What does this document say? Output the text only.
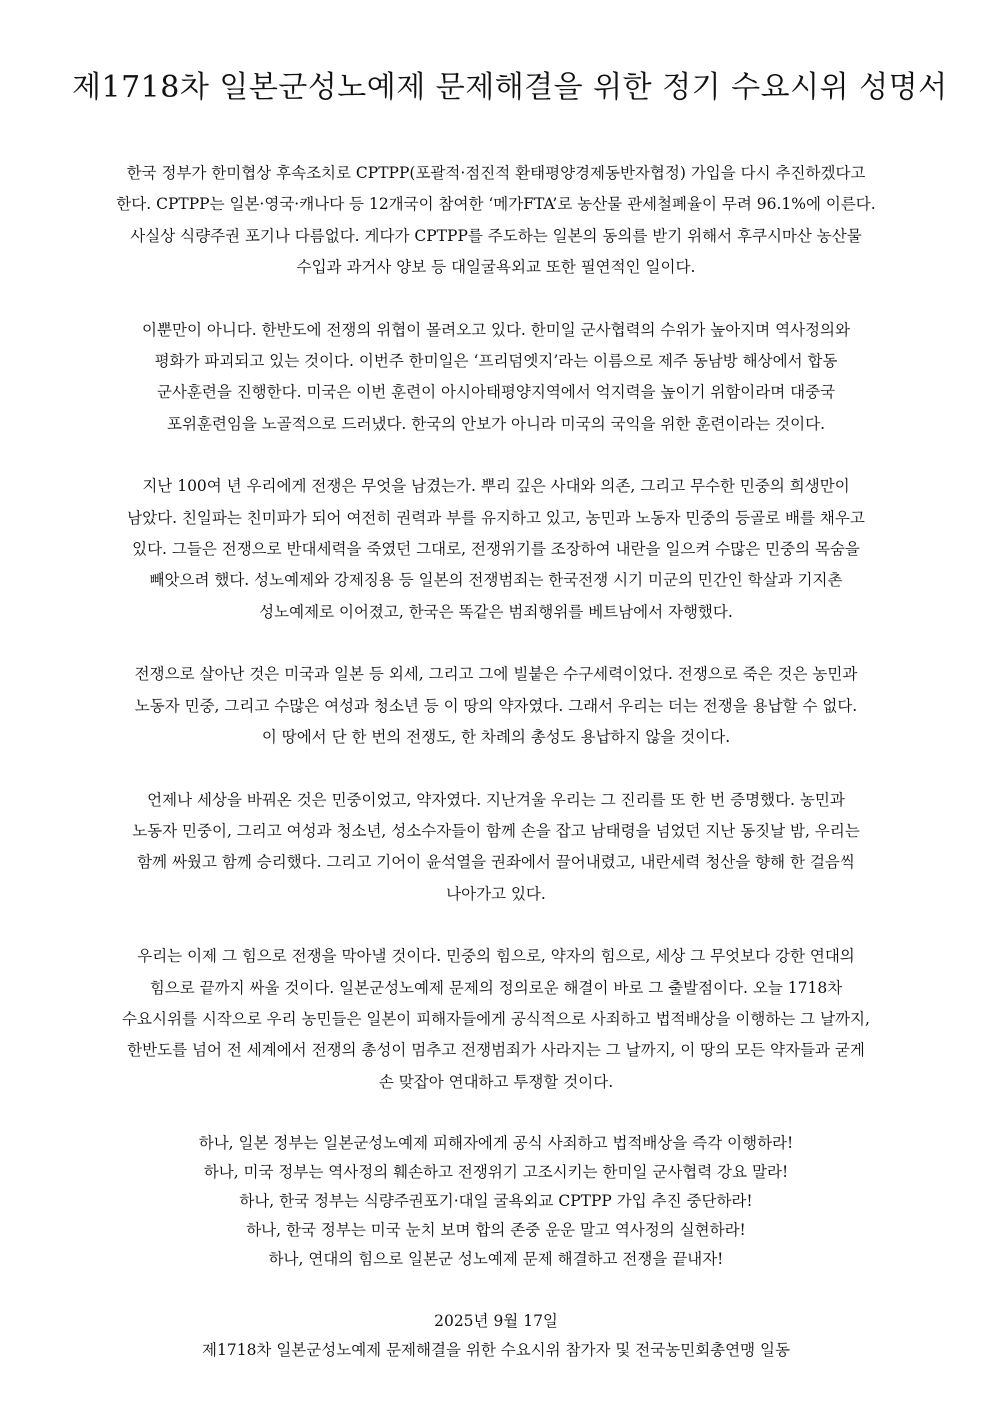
제1718차 일본군성노예제 문제해결을 위한 정기 수요시위 성명서
한국 정부가 한미협상 후속조치로 CPTPP(포괄적·점진적 환태평양경제동반자협정) 가입을 다시 추진하겠다고
한다. CPTPP는 일본·영국·캐나다 등 12개국이 참여한 ‘메가FTA’로 농산물 관세철폐율이 무려 96.1%에 이른다.
사실상 식량주권 포기나 다름없다. 게다가 CPTPP를 주도하는 일본의 동의를 받기 위해서 후쿠시마산 농산물
수입과 과거사 양보 등 대일굴욕외교 또한 필연적인 일이다.
이뿐만이 아니다. 한반도에 전쟁의 위협이 몰려오고 있다. 한미일 군사협력의 수위가 높아지며 역사정의와
평화가 파괴되고 있는 것이다. 이번주 한미일은 ‘프리덤엣지’라는 이름으로 제주 동남방 해상에서 합동
군사훈련을 진행한다. 미국은 이번 훈련이 아시아태평양지역에서 억지력을 높이기 위함이라며 대중국
포위훈련임을 노골적으로 드러냈다. 한국의 안보가 아니라 미국의 국익을 위한 훈련이라는 것이다.
지난 100여 년 우리에게 전쟁은 무엇을 남겼는가. 뿌리 깊은 사대와 의존, 그리고 무수한 민중의 희생만이
남았다. 친일파는 친미파가 되어 여전히 권력과 부를 유지하고 있고, 농민과 노동자 민중의 등골로 배를 채우고
있다. 그들은 전쟁으로 반대세력을 죽였던 그대로, 전쟁위기를 조장하여 내란을 일으켜 수많은 민중의 목숨을
빼앗으려 했다. 성노예제와 강제징용 등 일본의 전쟁범죄는 한국전쟁 시기 미군의 민간인 학살과 기지촌
성노예제로 이어졌고, 한국은 똑같은 범죄행위를 베트남에서 자행했다.
전쟁으로 살아난 것은 미국과 일본 등 외세, 그리고 그에 빌붙은 수구세력이었다. 전쟁으로 죽은 것은 농민과
노동자 민중, 그리고 수많은 여성과 청소년 등 이 땅의 약자였다. 그래서 우리는 더는 전쟁을 용납할 수 없다.
이 땅에서 단 한 번의 전쟁도, 한 차례의 총성도 용납하지 않을 것이다.
언제나 세상을 바꿔온 것은 민중이었고, 약자였다. 지난겨울 우리는 그 진리를 또 한 번 증명했다. 농민과
노동자 민중이, 그리고 여성과 청소년, 성소수자들이 함께 손을 잡고 남태령을 넘었던 지난 동짓날 밤, 우리는
함께 싸웠고 함께 승리했다. 그리고 기어이 윤석열을 권좌에서 끌어내렸고, 내란세력 청산을 향해 한 걸음씩
나아가고 있다.
우리는 이제 그 힘으로 전쟁을 막아낼 것이다. 민중의 힘으로, 약자의 힘으로, 세상 그 무엇보다 강한 연대의
힘으로 끝까지 싸울 것이다. 일본군성노예제 문제의 정의로운 해결이 바로 그 출발점이다. 오늘 1718차
수요시위를 시작으로 우리 농민들은 일본이 피해자들에게 공식적으로 사죄하고 법적배상을 이행하는 그 날까지,
한반도를 넘어 전 세계에서 전쟁의 총성이 멈추고 전쟁범죄가 사라지는 그 날까지, 이 땅의 모든 약자들과 굳게
손 맞잡아 연대하고 투쟁할 것이다.
하나, 일본 정부는 일본군성노예제 피해자에게 공식 사죄하고 법적배상을 즉각 이행하라!
하나, 미국 정부는 역사정의 훼손하고 전쟁위기 고조시키는 한미일 군사협력 강요 말라!
하나, 한국 정부는 식량주권포기·대일 굴욕외교 CPTPP 가입 추진 중단하라!
하나, 한국 정부는 미국 눈치 보며 합의 존중 운운 말고 역사정의 실현하라!
하나, 연대의 힘으로 일본군 성노예제 문제 해결하고 전쟁을 끝내자!
2025년 9월 17일
제1718차 일본군성노예제 문제해결을 위한 수요시위 참가자 및 전국농민회총연맹 일동
